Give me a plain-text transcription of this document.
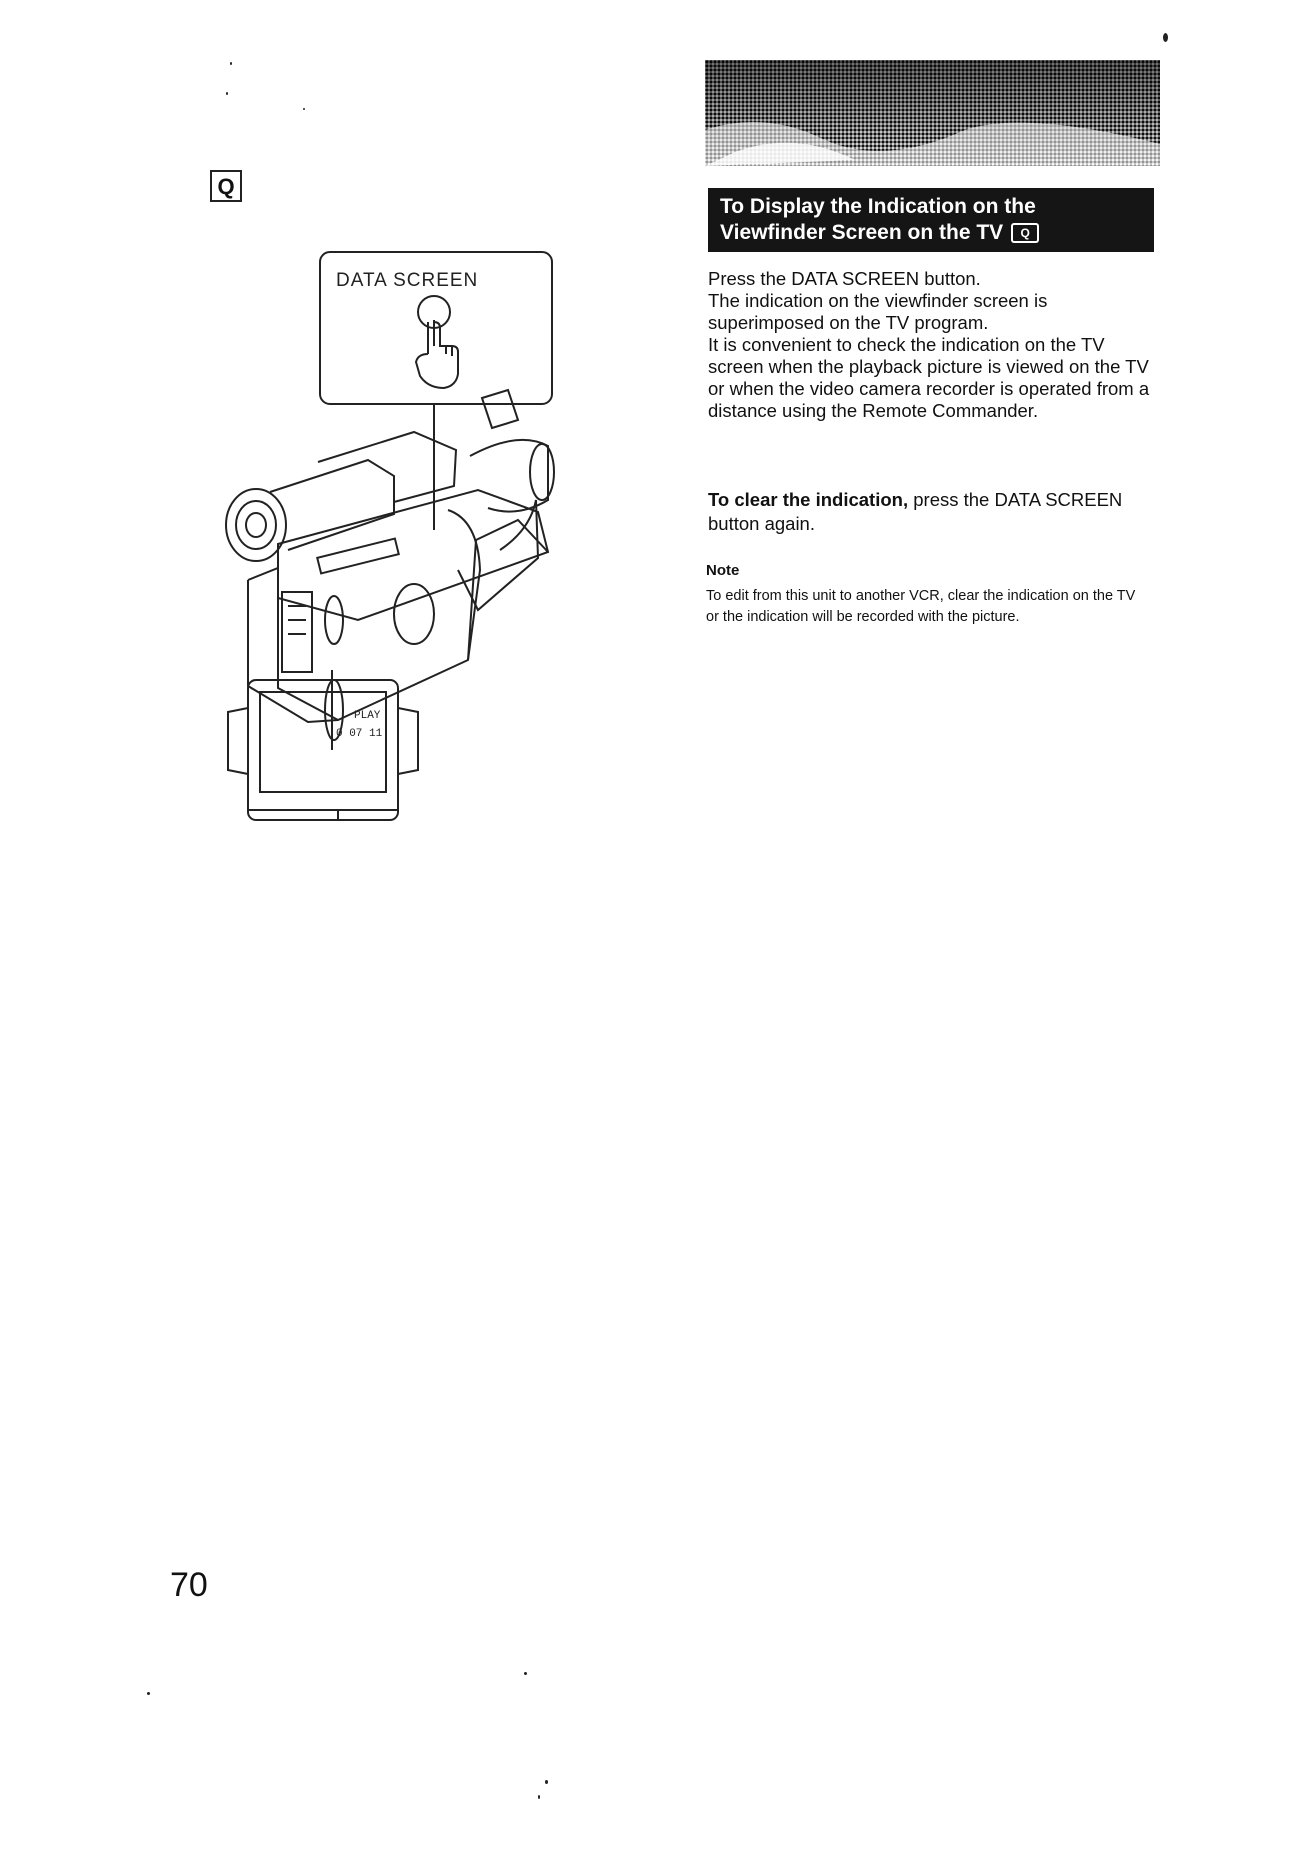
Q
DATA SCREEN
PLAY
0 07 11
To Display the Indication on the
Viewfinder Screen on the TV Q

Press the DATA SCREEN button.

The indication on the viewfinder screen is superimposed on the TV program.

It is convenient to check the indication on the TV screen when the playback picture is viewed on the TV or when the video camera recorder is operated from a distance using the Remote Commander.

To clear the indication, press the DATA SCREEN button again.
Note
To edit from this unit to another VCR, clear the indication on the TV or the indication will be recorded with the picture.
70
